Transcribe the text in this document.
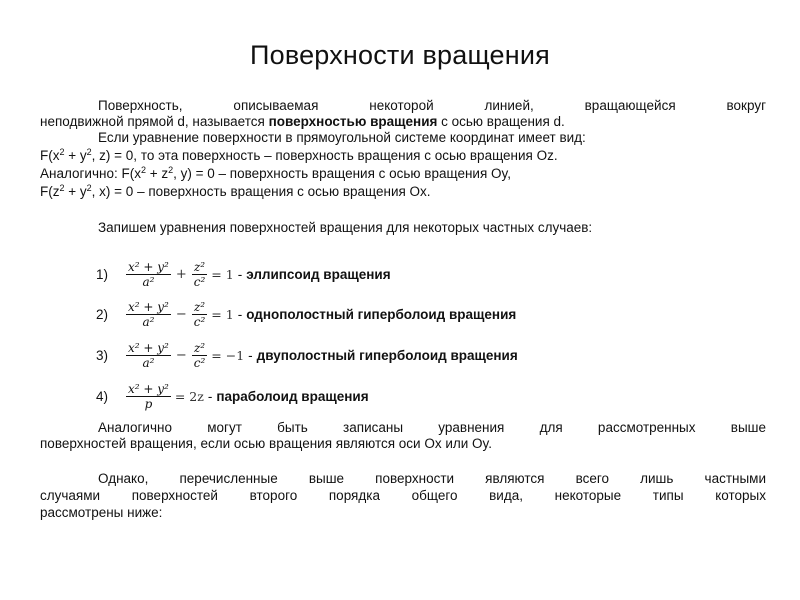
Поверхности вращения
Поверхность, описываемая некоторой линией, вращающейся вокруг
неподвижной прямой d, называется поверхностью вращения с осью вращения d.
Если уравнение поверхности в прямоугольной системе координат имеет вид:
$F(x^2 + y^2$, z) = 0, то эта поверхность – поверхность вращения с осью вращения Oz.
Аналогично: $F(x^2 + z^2$, y) = 0 – поверхность вращения с осью вращения Oy,
$F(z^2 + y^2$, x) = 0 – поверхность вращения с осью вращения Ox.
Запишем уравнения поверхностей вращения для некоторых частных случаев:
1)	$\frac{\text{x² + y²}}{\text{a²}} + \frac{\text{z²}}{\text{c²}} = 1$ - эллипсоид вращения
2)	$\frac{\text{x² + y²}}{\text{a²}} - \frac{\text{z²}}{\text{c²}} = 1$ - однополостный гиперболоид вращения
3)	$\frac{\text{x² + y²}}{\text{a²}} - \frac{\text{z²}}{\text{c²}} = -1$ - двуполостный гиперболоид вращения
4)	$\frac{\text{x² + y²}}{p} = 2z$ - параболоид вращения
Аналогично могут быть записаны уравнения для рассмотренных выше
поверхностей вращения, если осью вращения являются оси Ox или Oy.
Однако, перечисленные выше поверхности являются всего лишь частными
случаями поверхностей второго порядка общего вида, некоторые типы которых
рассмотрены ниже:
